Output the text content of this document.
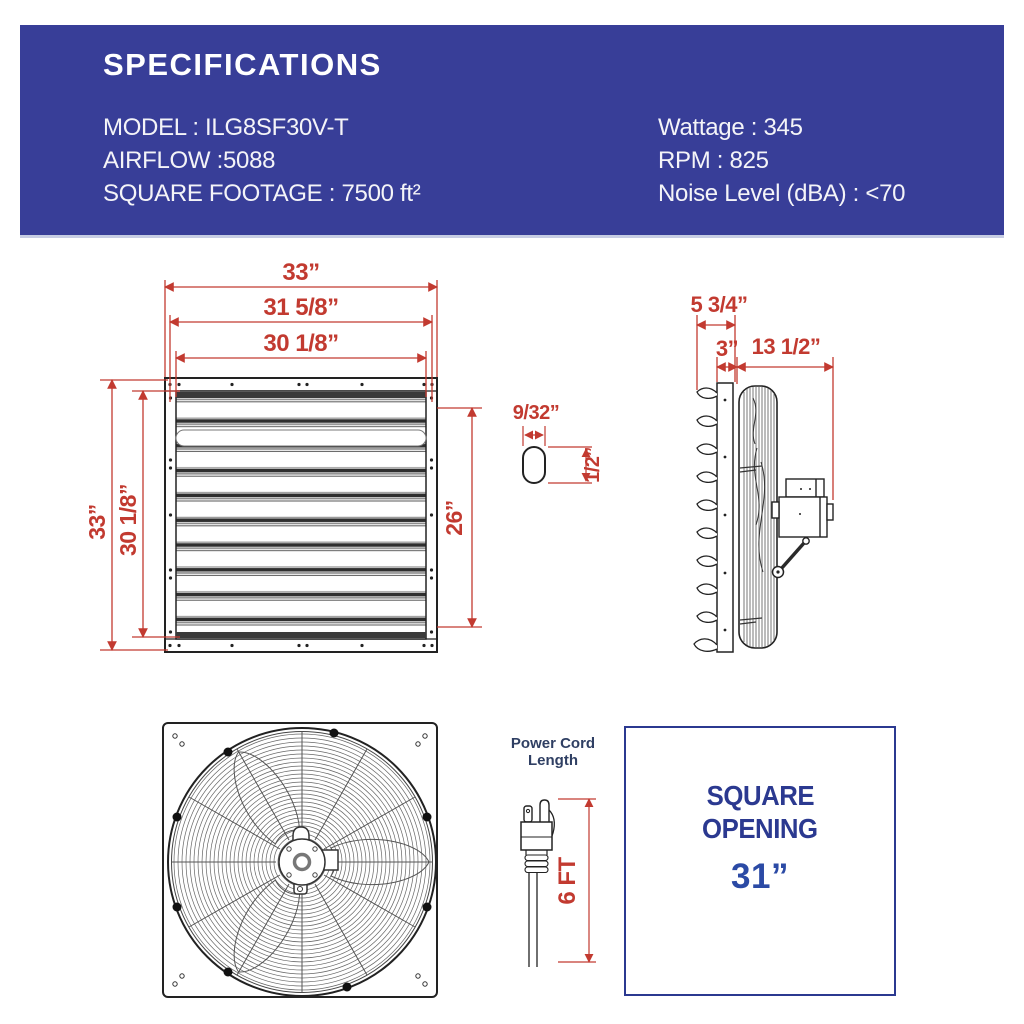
SPECIFICATIONS
MODEL : ILG8SF30V-T
AIRFLOW :5088
SQUARE FOOTAGE : 7500 ft²
Wattage : 345
RPM : 825
Noise Level (dBA) : <70
33”
31 5/8”
30 1/8”
33” 30 1/8”	26”
9/32”
1/2”
5 3/4”
3” 13 1/2”
6 FT
Power Cord
Length
SQUARE
OPENING
31”
